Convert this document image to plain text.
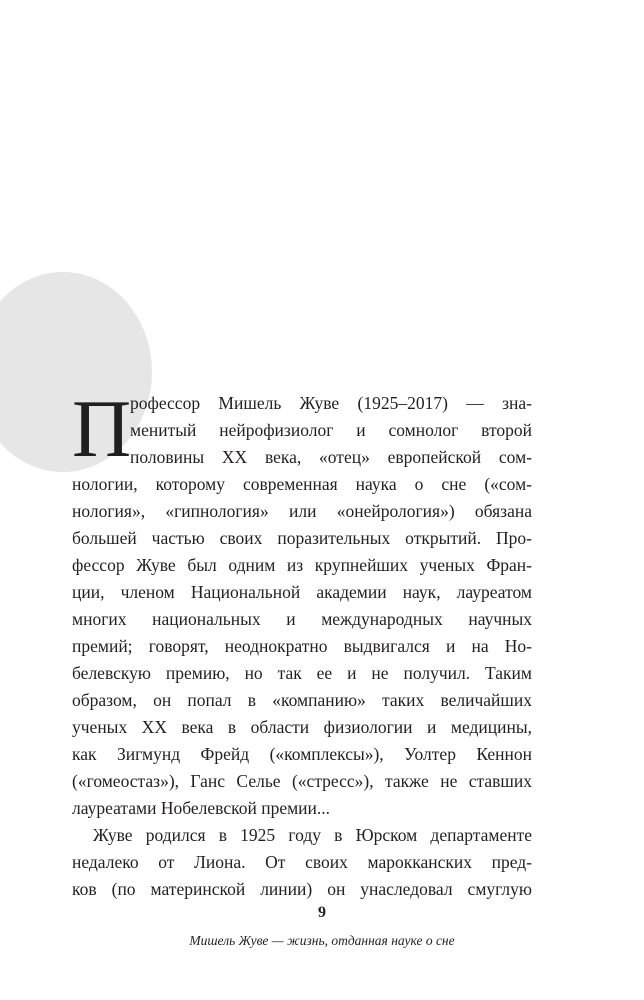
П
рофессор Мишель Жуве (1925–2017) — зна-
менитый нейрофизиолог и сомнолог второй
половины XX века, «отец» европейской сом-
нологии, которому современная наука о сне («сом-
нология», «гипнология» или «онейрология») обязана
большей частью своих поразительных открытий. Про-
фессор Жуве был одним из крупнейших ученых Фран-
ции, членом Национальной академии наук, лауреатом
многих национальных и международных научных
премий; говорят, неоднократно выдвигался и на Но-
белевскую премию, но так ее и не получил. Таким
образом, он попал в «компанию» таких величайших
ученых XX века в области физиологии и медицины,
как Зигмунд Фрейд («комплексы»), Уолтер Кеннон
(«гомеостаз»), Ганс Селье («стресс»), также не ставших
лауреатами Нобелевской премии...
Жуве родился в 1925 году в Юрском департаменте
недалеко от Лиона. От своих марокканских пред-
ков (по материнской линии) он унаследовал смуглую
9
Мишель Жуве — жизнь, отданная науке о сне
